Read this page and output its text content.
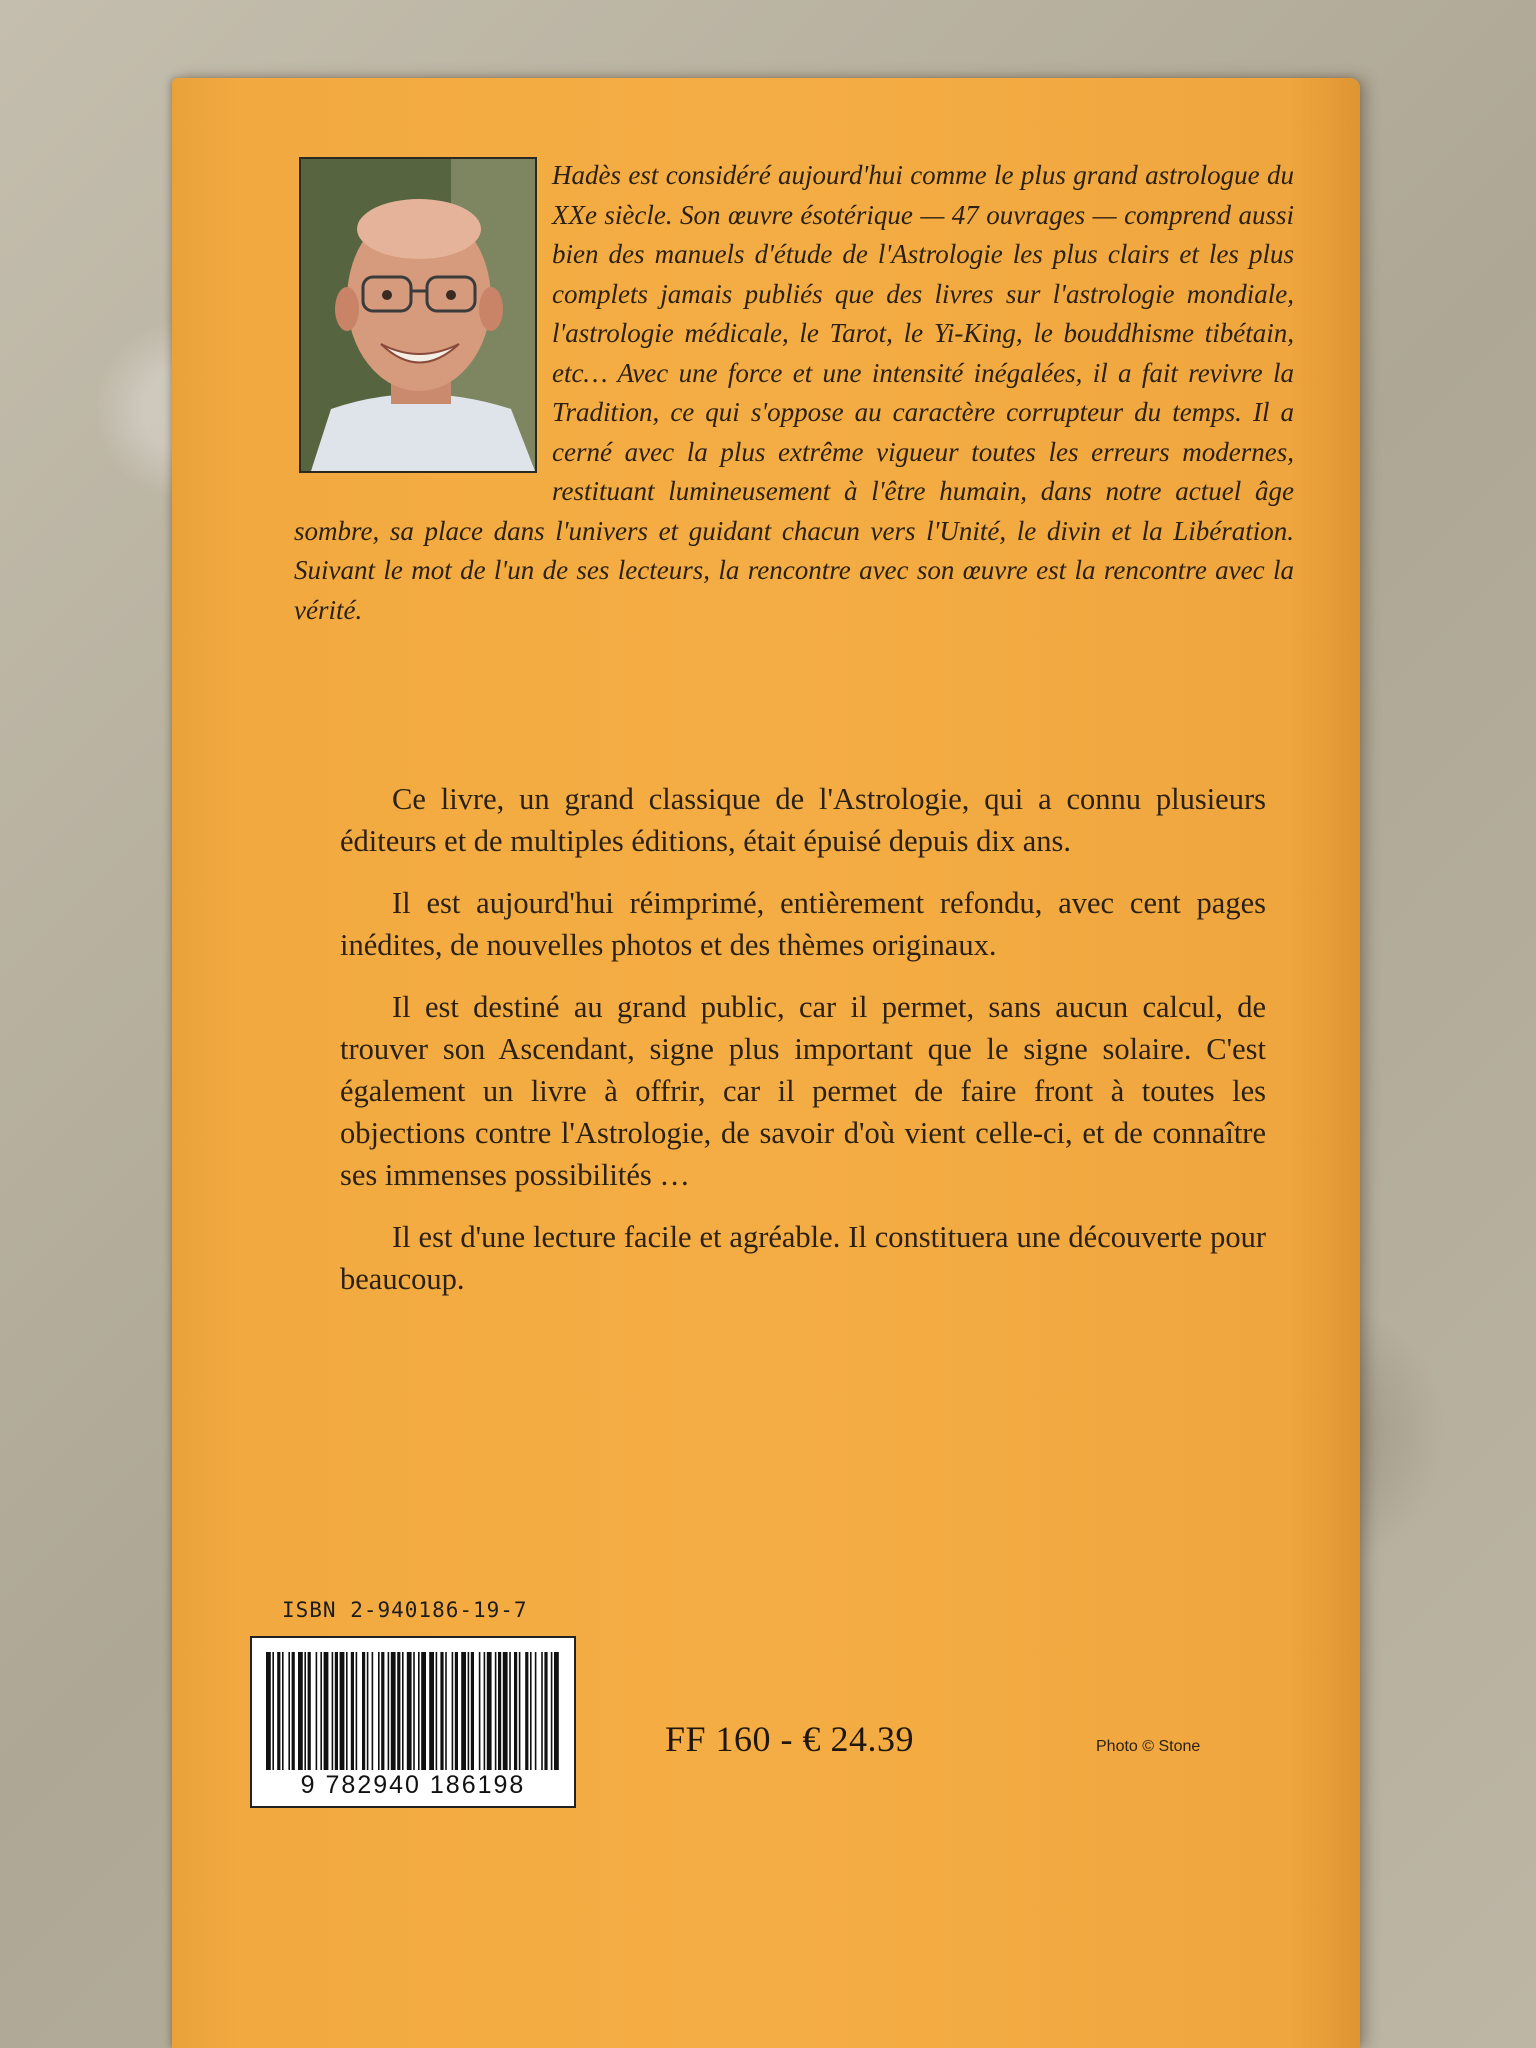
Hadès est considéré aujourd'hui comme le plus grand astrologue du XXe siècle. Son œuvre ésotérique — 47 ouvrages — comprend aussi bien des manuels d'étude de l'Astrologie les plus clairs et les plus complets jamais publiés que des livres sur l'astrologie mondiale, l'astrologie médicale, le Tarot, le Yi-King, le bouddhisme tibétain, etc… Avec une force et une intensité inégalées, il a fait revivre la Tradition, ce qui s'oppose au caractère corrupteur du temps. Il a cerné avec la plus extrême vigueur toutes les erreurs modernes, restituant lumineusement à l'être humain, dans notre actuel âge sombre, sa place dans l'univers et guidant chacun vers l'Unité, le divin et la Libération. Suivant le mot de l'un de ses lecteurs, la rencontre avec son œuvre est la rencontre avec la vérité.

Ce livre, un grand classique de l'Astrologie, qui a connu plusieurs éditeurs et de multiples éditions, était épuisé depuis dix ans.

Il est aujourd'hui réimprimé, entièrement refondu, avec cent pages inédites, de nouvelles photos et des thèmes originaux.

Il est destiné au grand public, car il permet, sans aucun calcul, de trouver son Ascendant, signe plus important que le signe solaire. C'est également un livre à offrir, car il permet de faire front à toutes les objections contre l'Astrologie, de savoir d'où vient celle-ci, et de connaître ses immenses possibilités …

Il est d'une lecture facile et agréable. Il constituera une découverte pour beaucoup.

ISBN 2-940186-19-7
9 782940 186198
FF 160 - € 24.39	Photo © Stone
